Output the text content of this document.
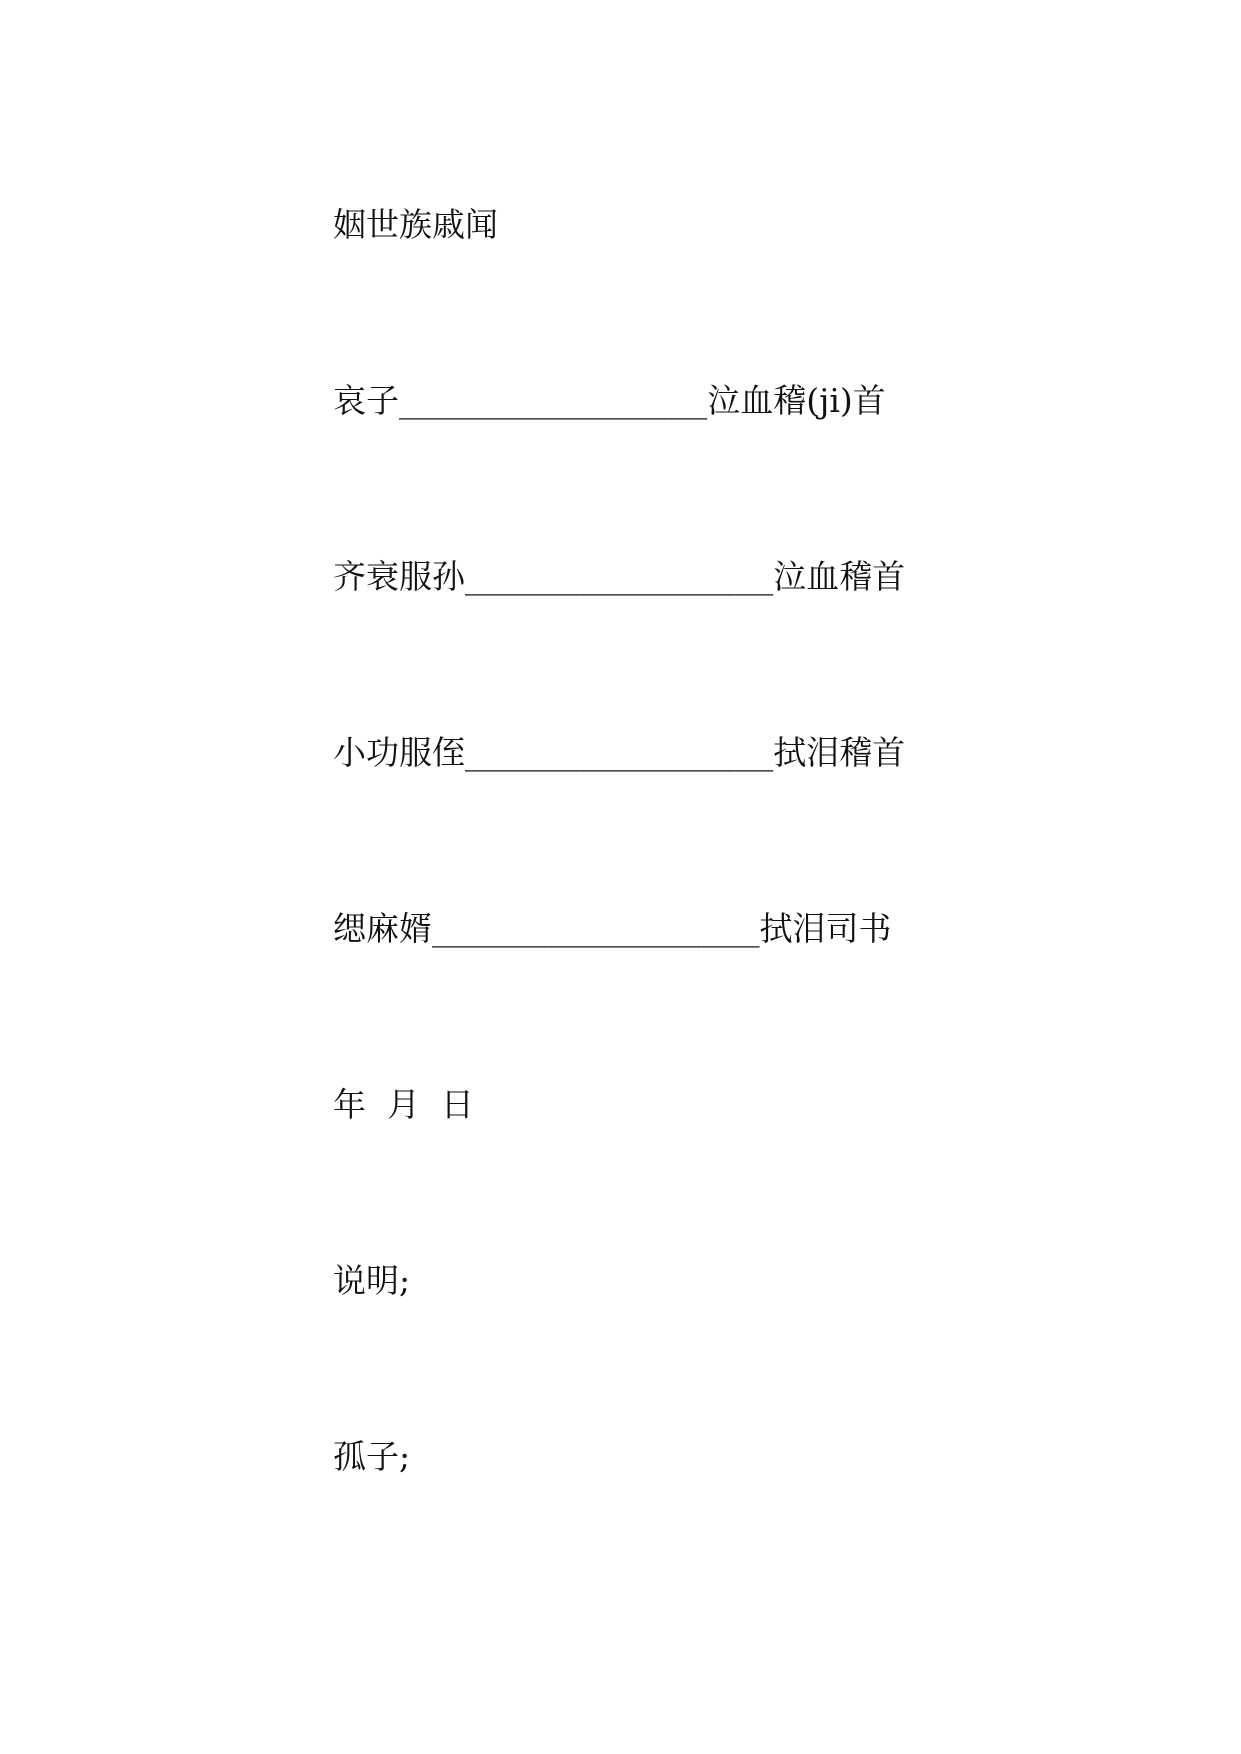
姻世族戚闻

哀子________________泣血稽(ji)首

齐衰服孙________________泣血稽首

小功服侄________________拭泪稽首

缌麻婿_________________拭泪司书

年  月  日

说明;

孤子;
